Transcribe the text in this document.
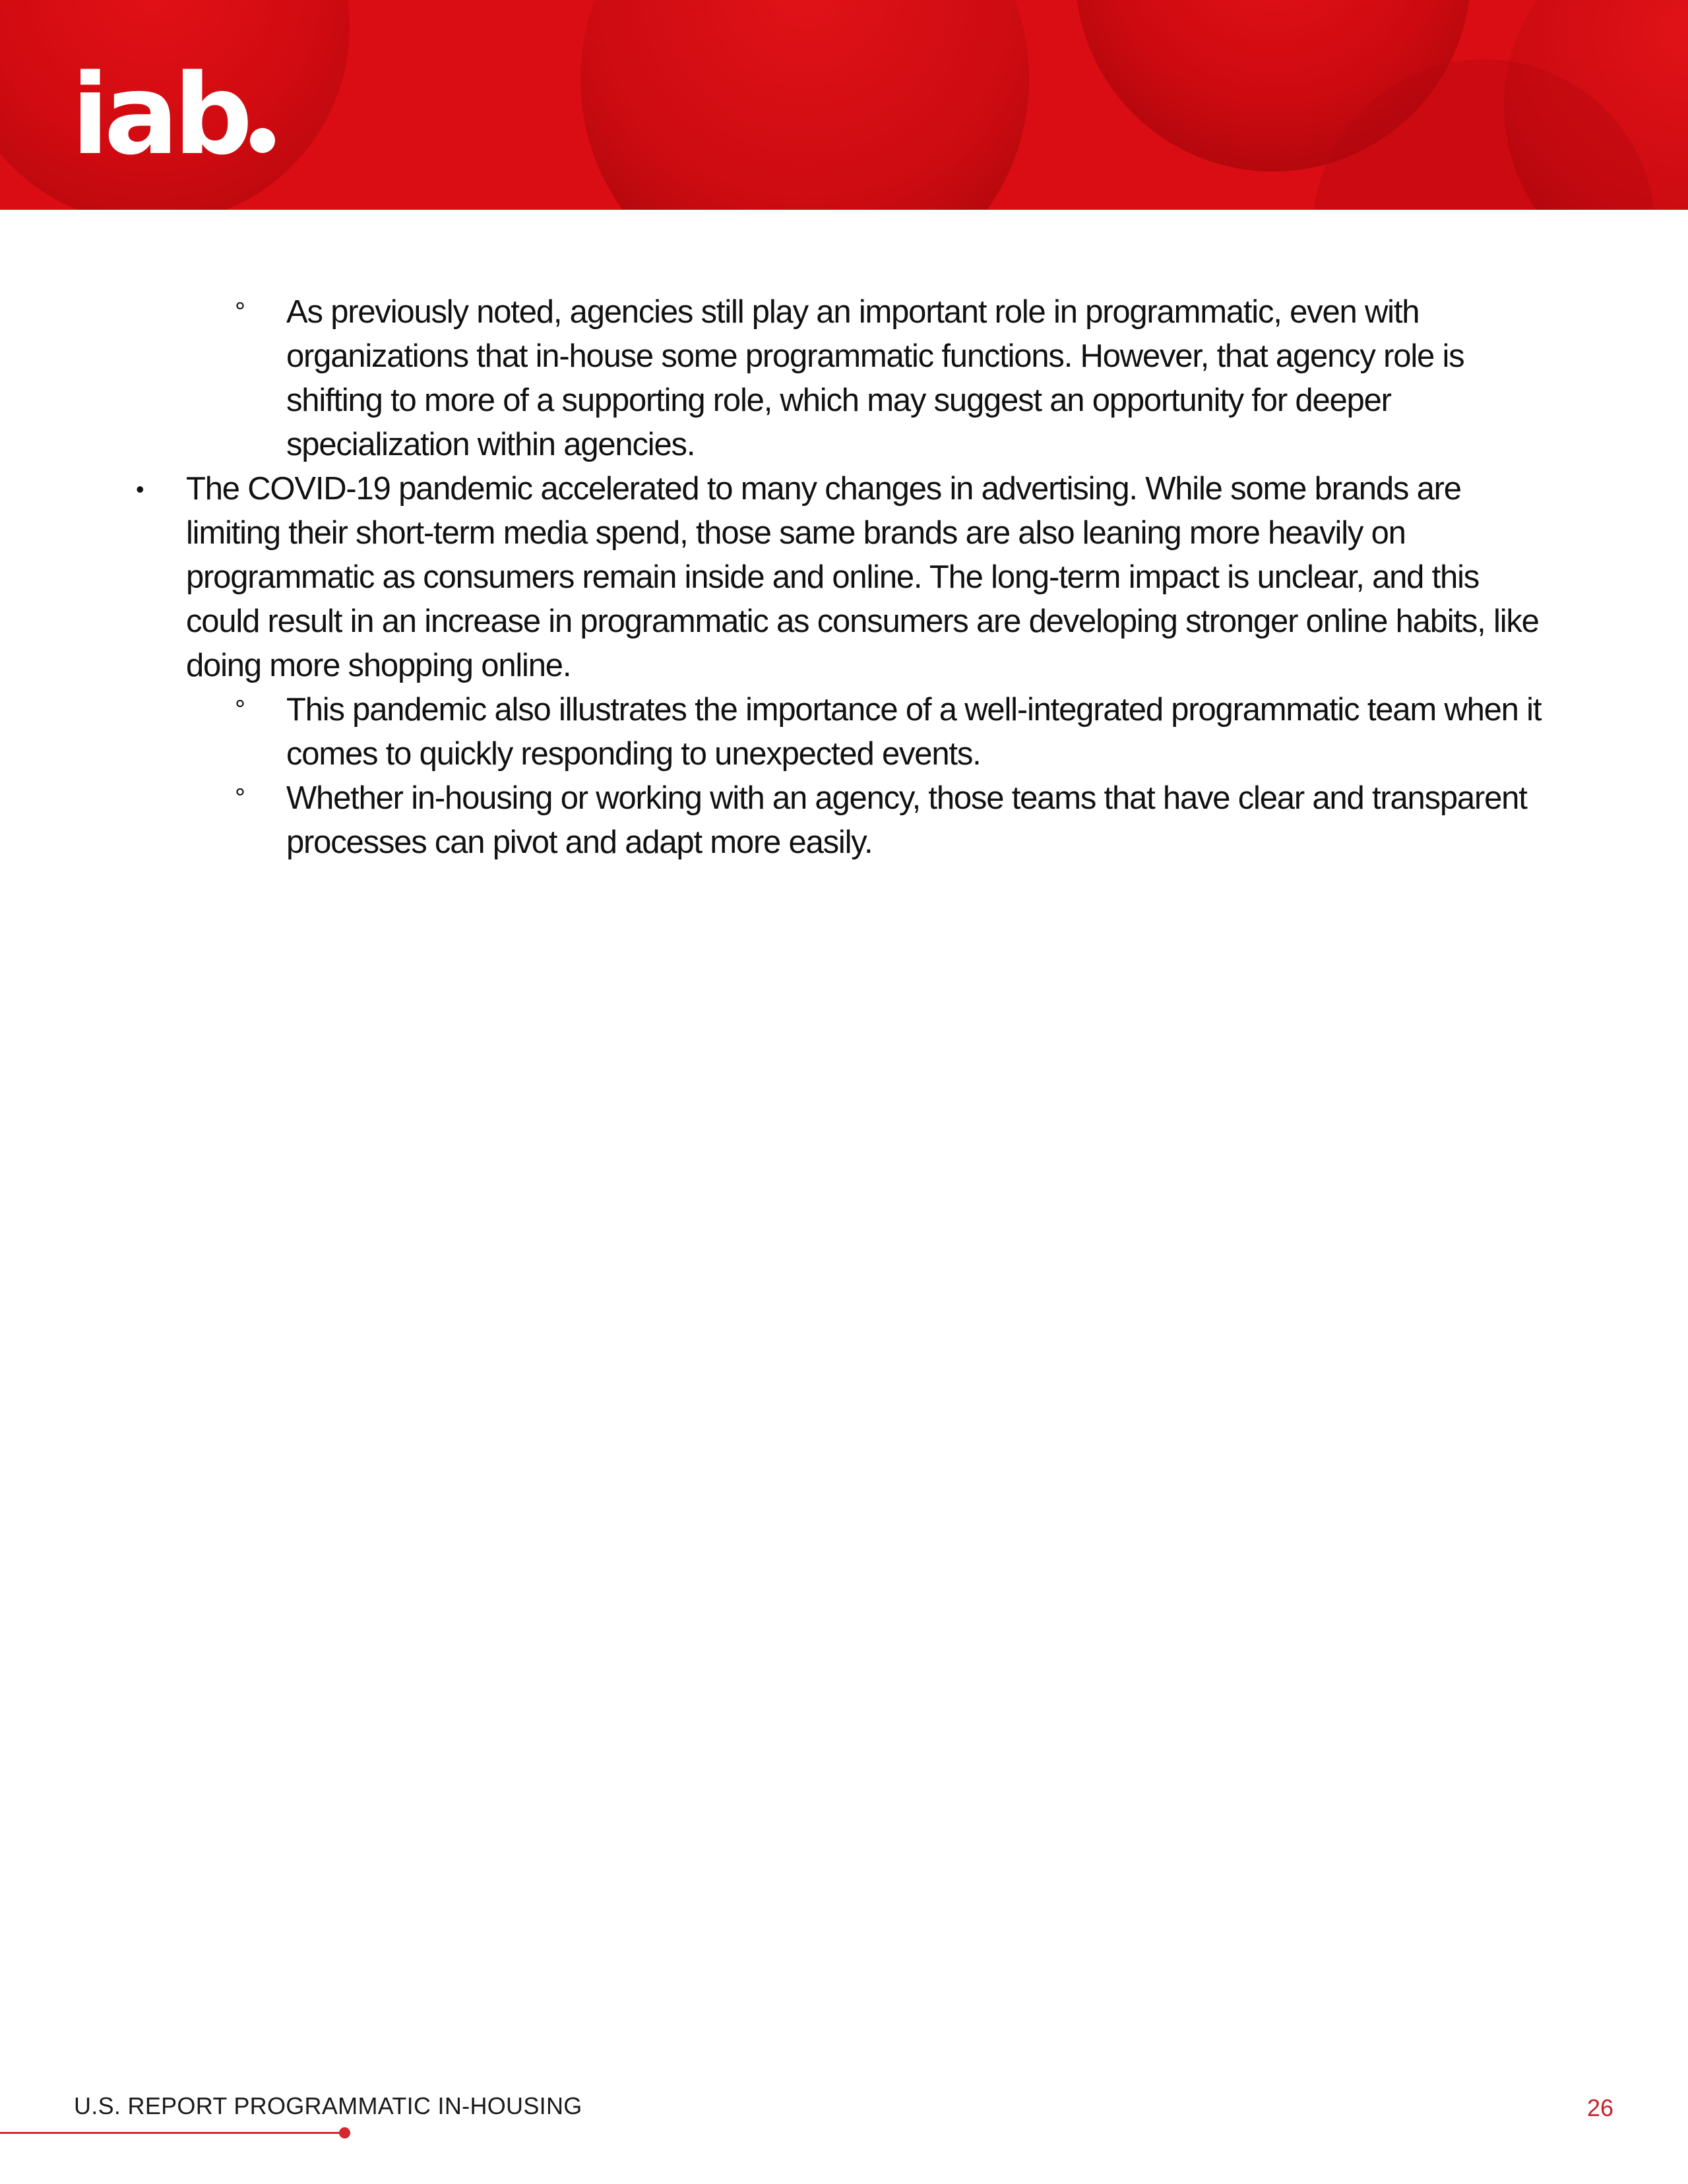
iab

° As previously noted, agencies still play an important role in programmatic, even with organizations that in-house some programmatic functions. However, that agency role is shifting to more of a supporting role, which may suggest an opportunity for deeper specialization within agencies.

• The COVID-19 pandemic accelerated to many changes in advertising. While some brands are limiting their short-term media spend, those same brands are also leaning more heavily on programmatic as consumers remain inside and online. The long-term impact is unclear, and this could result in an increase in programmatic as consumers are developing stronger online habits, like doing more shopping online.

° This pandemic also illustrates the importance of a well-integrated programmatic team when it comes to quickly responding to unexpected events.

° Whether in-housing or working with an agency, those teams that have clear and transparent processes can pivot and adapt more easily.

U.S. REPORT PROGRAMMATIC IN-HOUSING	26
